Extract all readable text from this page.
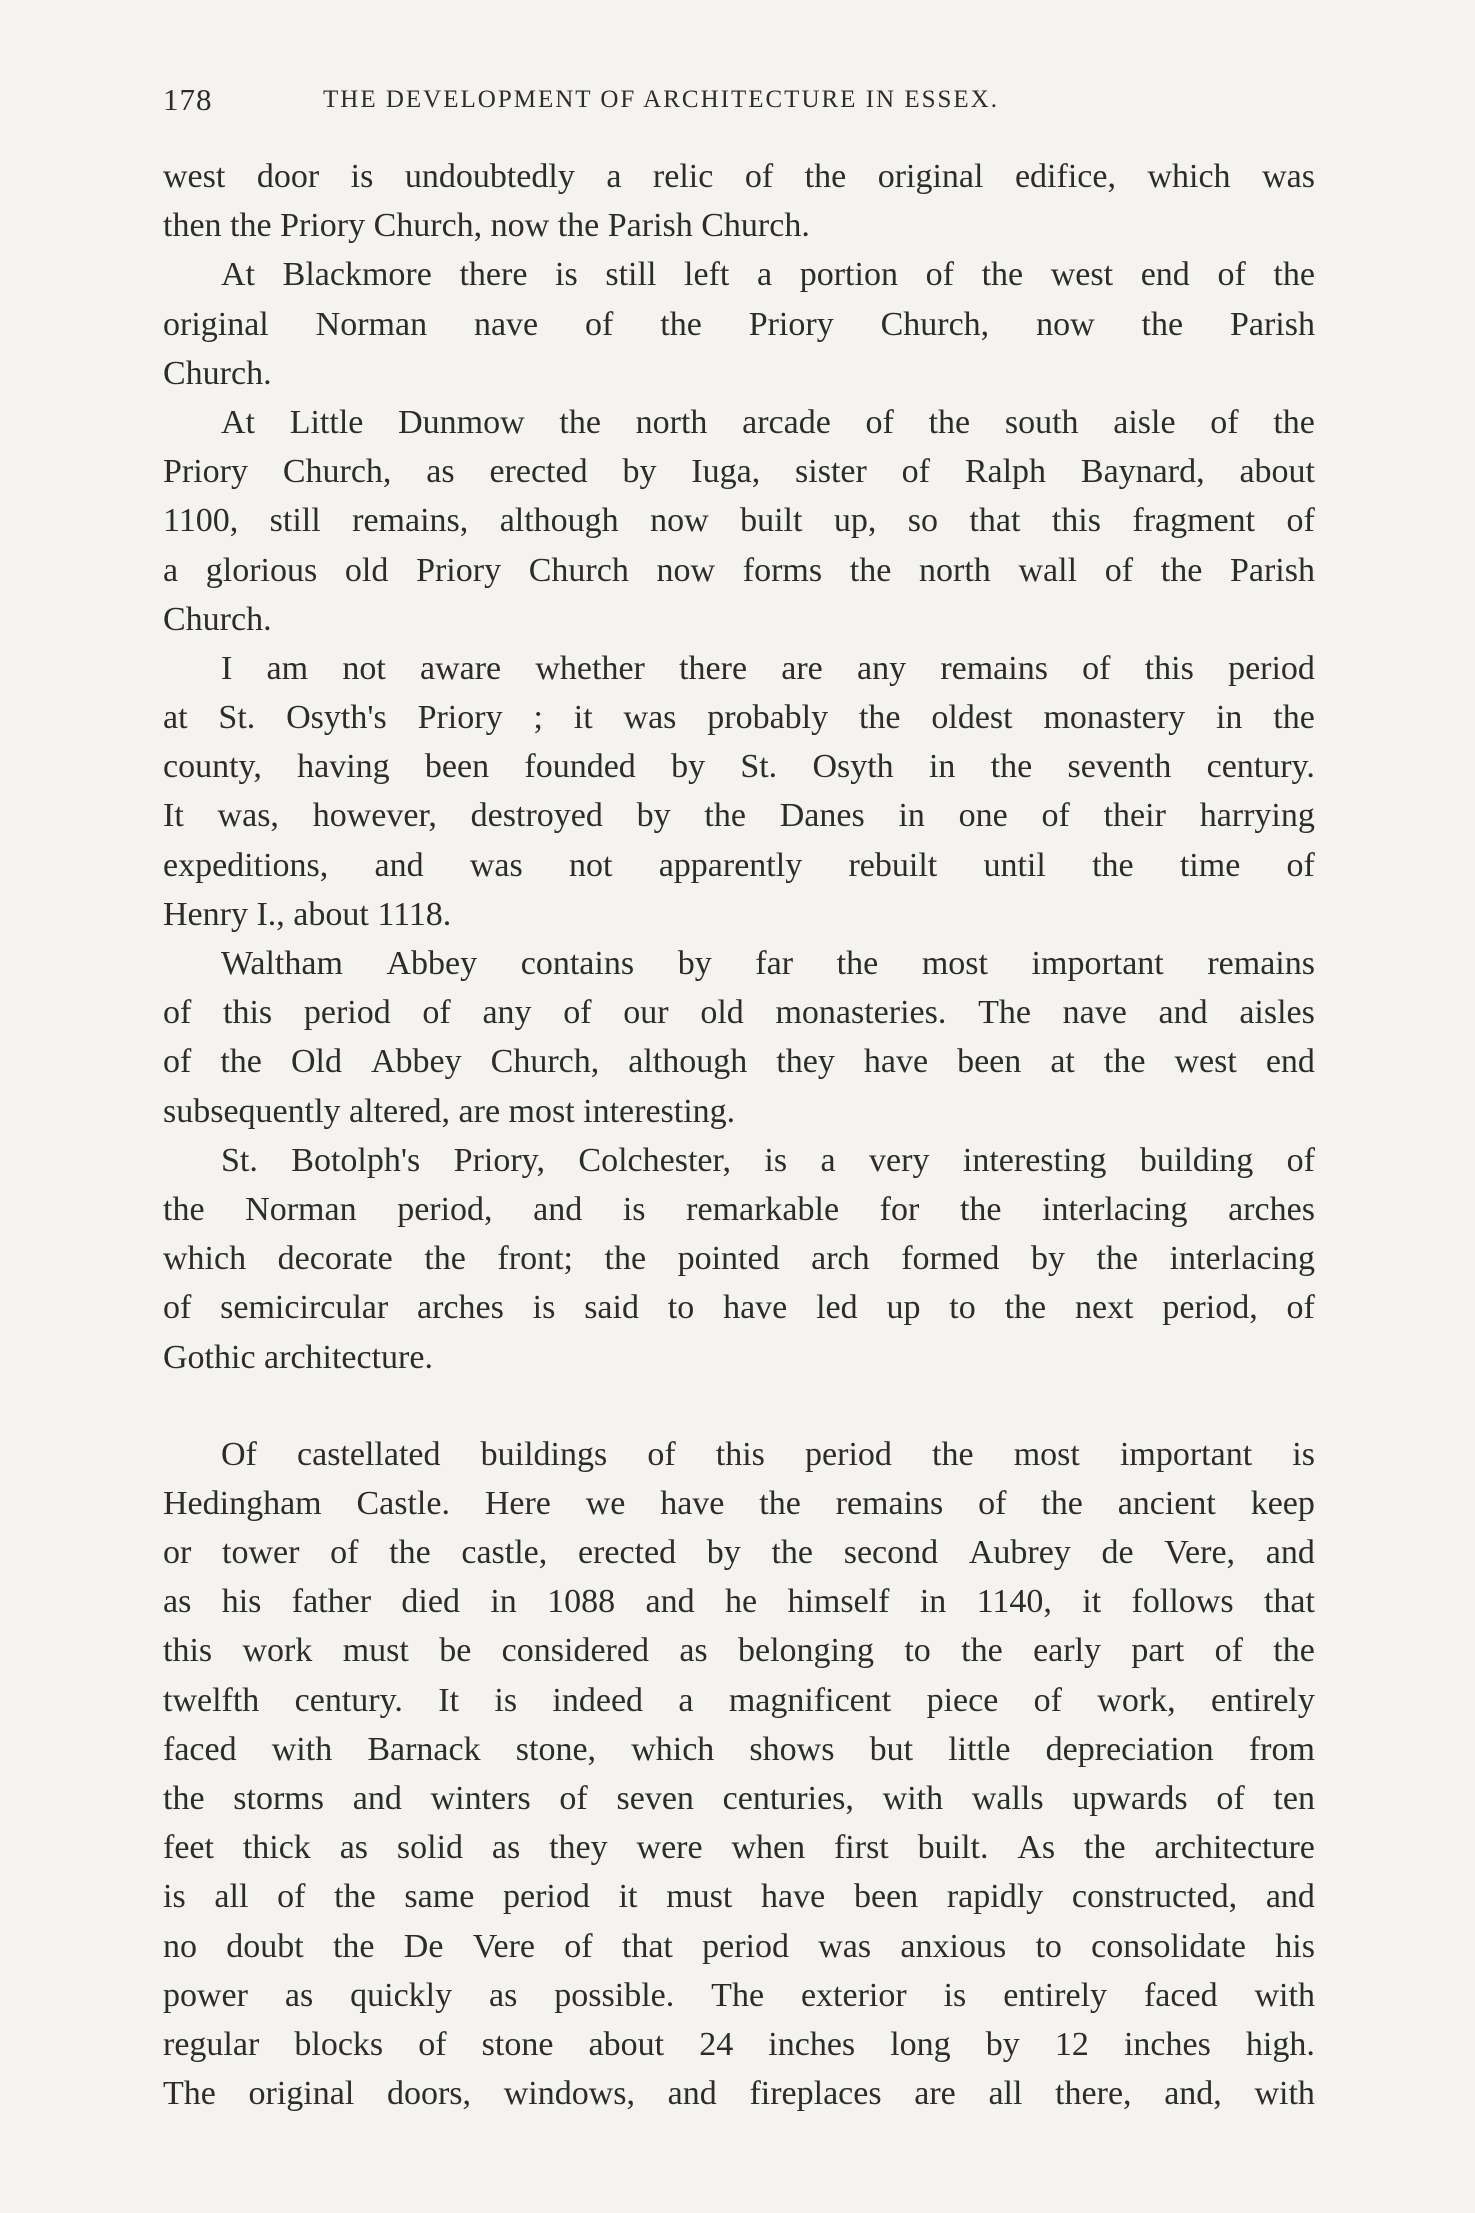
178	THE DEVELOPMENT OF ARCHITECTURE IN ESSEX.
west door is undoubtedly a relic of the original edifice, which was
then the Priory Church, now the Parish Church.
At Blackmore there is still left a portion of the west end of the
original Norman nave of the Priory Church, now the Parish
Church.
At Little Dunmow the north arcade of the south aisle of the
Priory Church, as erected by Iuga, sister of Ralph Baynard, about
1100, still remains, although now built up, so that this fragment of
a glorious old Priory Church now forms the north wall of the Parish
Church.
I am not aware whether there are any remains of this period
at St. Osyth's Priory ; it was probably the oldest monastery in the
county, having been founded by St. Osyth in the seventh century.
It was, however, destroyed by the Danes in one of their harrying
expeditions, and was not apparently rebuilt until the time of
Henry I., about 1118.
Waltham Abbey contains by far the most important remains
of this period of any of our old monasteries. The nave and aisles
of the Old Abbey Church, although they have been at the west end
subsequently altered, are most interesting.
St. Botolph's Priory, Colchester, is a very interesting building of
the Norman period, and is remarkable for the interlacing arches
which decorate the front; the pointed arch formed by the interlacing
of semicircular arches is said to have led up to the next period, of
Gothic architecture.
Of castellated buildings of this period the most important is
Hedingham Castle. Here we have the remains of the ancient keep
or tower of the castle, erected by the second Aubrey de Vere, and
as his father died in 1088 and he himself in 1140, it follows that
this work must be considered as belonging to the early part of the
twelfth century. It is indeed a magnificent piece of work, entirely
faced with Barnack stone, which shows but little depreciation from
the storms and winters of seven centuries, with walls upwards of ten
feet thick as solid as they were when first built. As the architecture
is all of the same period it must have been rapidly constructed, and
no doubt the De Vere of that period was anxious to consolidate his
power as quickly as possible. The exterior is entirely faced with
regular blocks of stone about 24 inches long by 12 inches high.
The original doors, windows, and fireplaces are all there, and, with
